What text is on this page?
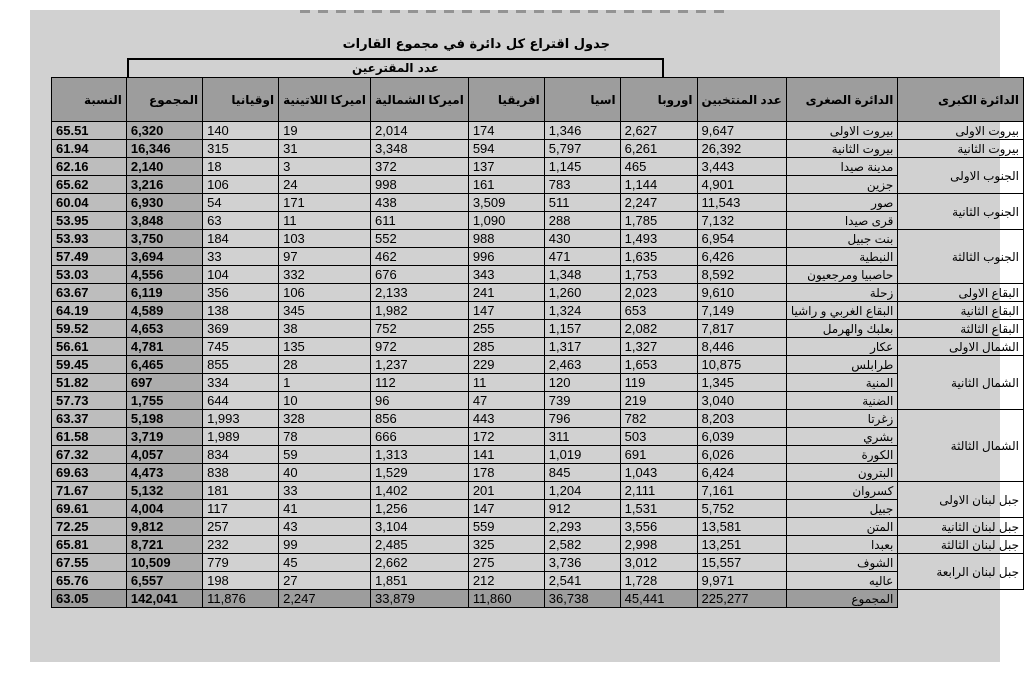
جدول اقتراع كل دائرة في مجموع القارات
عدد المقترعين
النسبة	المجموع	اوقيانيا	اميركا اللاتينية	اميركا الشمالية	افريقيا	اسيا	اوروبا	عدد المنتخبين	الدائرة الصغرى	الدائرة الكبرى
65.51	6,320	140	19	2,014	174	1,346	2,627	9,647	بيروت الاولى	بيروت الاولى
61.94	16,346	315	31	3,348	594	5,797	6,261	26,392	بيروت الثانية	بيروت الثانية
62.16	2,140	18	3	372	137	1,145	465	3,443	مدينة صيدا	الجنوب الاولى
65.62	3,216	106	24	998	161	783	1,144	4,901	جزين	
60.04	6,930	54	171	438	3,509	511	2,247	11,543	صور	الجنوب الثانية
53.95	3,848	63	11	611	1,090	288	1,785	7,132	قرى صيدا	
53.93	3,750	184	103	552	988	430	1,493	6,954	بنت جبيل	الجنوب الثالثة
57.49	3,694	33	97	462	996	471	1,635	6,426	النبطية	
53.03	4,556	104	332	676	343	1,348	1,753	8,592	حاصبيا ومرجعيون	
63.67	6,119	356	106	2,133	241	1,260	2,023	9,610	زحلة	البقاع الاولى
64.19	4,589	138	345	1,982	147	1,324	653	7,149	البقاع الغربي و راشيا	البقاع الثانية
59.52	4,653	369	38	752	255	1,157	2,082	7,817	بعلبك والهرمل	البقاع الثالثة
56.61	4,781	745	135	972	285	1,317	1,327	8,446	عكار	الشمال الاولى
59.45	6,465	855	28	1,237	229	2,463	1,653	10,875	طرابلس	الشمال الثانية
51.82	697	334	1	112	11	120	119	1,345	المنية	
57.73	1,755	644	10	96	47	739	219	3,040	الضنية	
63.37	5,198	1,993	328	856	443	796	782	8,203	زغرتا	الشمال الثالثة
61.58	3,719	1,989	78	666	172	311	503	6,039	بشري	
67.32	4,057	834	59	1,313	141	1,019	691	6,026	الكورة	
69.63	4,473	838	40	1,529	178	845	1,043	6,424	البترون	
71.67	5,132	181	33	1,402	201	1,204	2,111	7,161	كسروان	جبل لبنان الاولى
69.61	4,004	117	41	1,256	147	912	1,531	5,752	جبيل	
72.25	9,812	257	43	3,104	559	2,293	3,556	13,581	المتن	جبل لبنان الثانية
65.81	8,721	232	99	2,485	325	2,582	2,998	13,251	بعبدا	جبل لبنان الثالثة
67.55	10,509	779	45	2,662	275	3,736	3,012	15,557	الشوف	جبل لبنان الرابعة
65.76	6,557	198	27	1,851	212	2,541	1,728	9,971	عاليه	
63.05	142,041	11,876	2,247	33,879	11,860	36,738	45,441	225,277	المجموع	
